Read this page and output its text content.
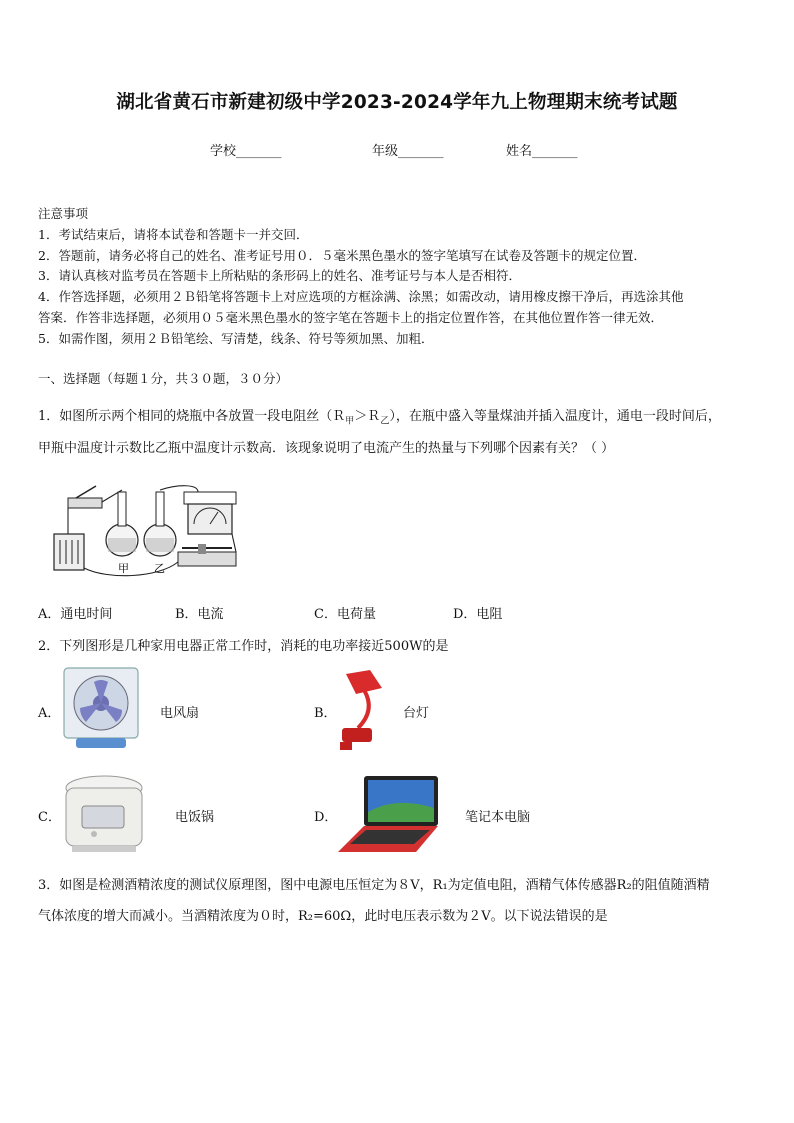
湖北省黄石市新建初级中学2023-2024学年九上物理期末统考试题
学校_______	年级_______	姓名_______
注意事项
1．考试结束后，请将本试卷和答题卡一并交回．
2．答题前，请务必将自己的姓名、准考证号用０．５毫米黑色墨水的签字笔填写在试卷及答题卡的规定位置．
3．请认真核对监考员在答题卡上所粘贴的条形码上的姓名、准考证号与本人是否相符．
4．作答选择题，必须用２Ｂ铅笔将答题卡上对应选项的方框涂满、涂黑；如需改动，请用橡皮擦干净后，再选涂其他
答案．作答非选择题，必须用０５毫米黑色墨水的签字笔在答题卡上的指定位置作答，在其他位置作答一律无效．
5．如需作图，须用２Ｂ铅笔绘、写清楚，线条、符号等须加黑、加粗．
一、选择题（每题１分，共３０题，３０分）
1．如图所示两个相同的烧瓶中各放置一段电阻丝（Ｒ$_甲$＞Ｒ$_乙$），在瓶中盛入等量煤油并插入温度计，通电一段时间后，
甲瓶中温度计示数比乙瓶中温度计示数高．该现象说明了电流产生的热量与下列哪个因素有关？（ ）
甲 乙
A．通电时间	B．电流	C．电荷量	D．电阻
2．下列图形是几种家用电器正常工作时，消耗的电功率接近500W的是
A．	电风扇	B．	台灯
C．	电饭锅	D．	笔记本电脑
3．如图是检测酒精浓度的测试仪原理图，图中电源电压恒定为８V，R₁为定值电阻，酒精气体传感器R₂的阻值随酒精
气体浓度的增大而减小。当酒精浓度为０时，R₂=60Ω，此时电压表示数为２V。以下说法错误的是
